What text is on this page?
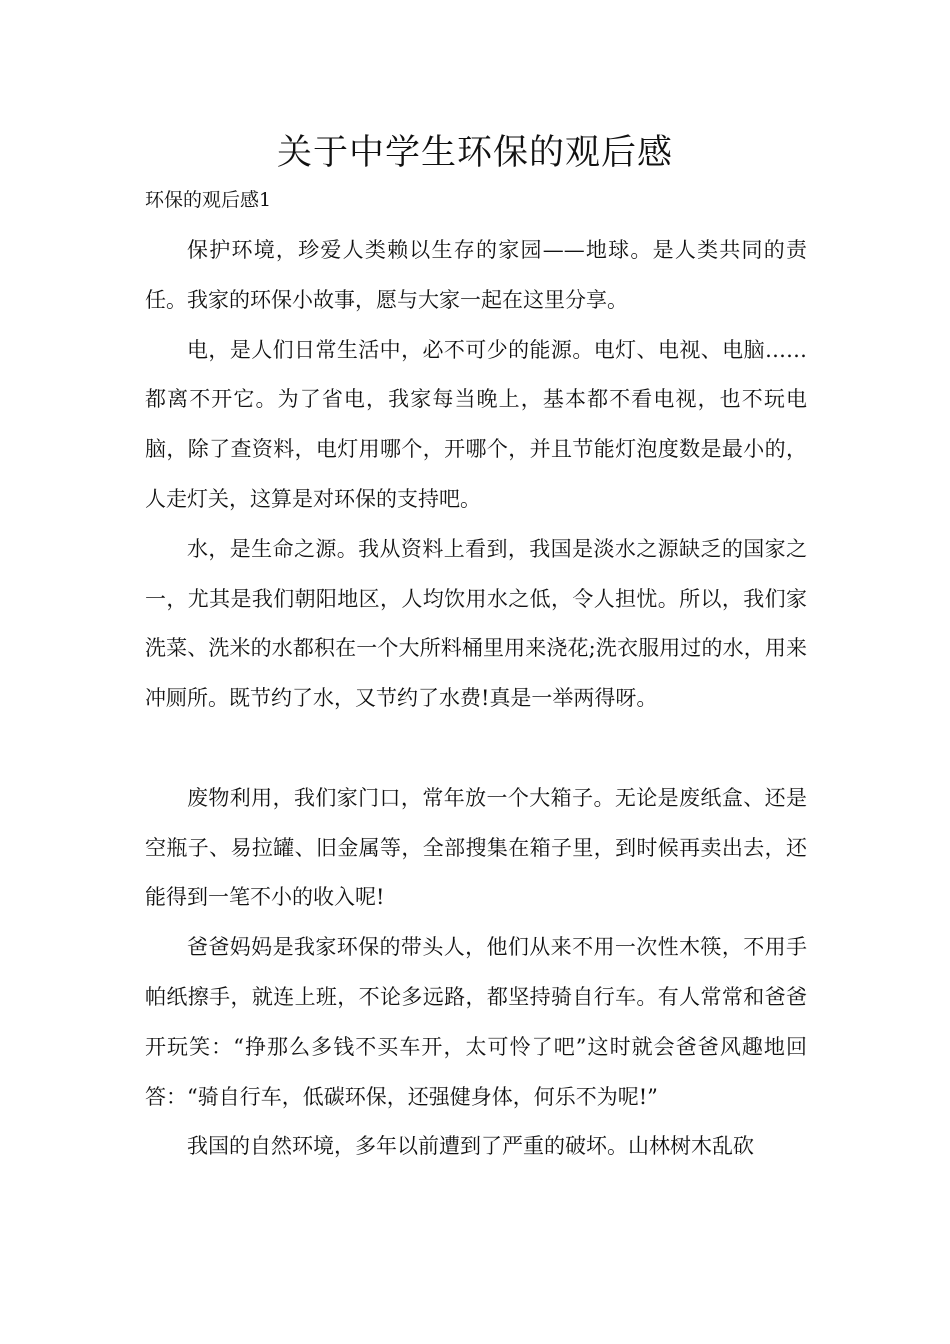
关于中学生环保的观后感
环保的观后感1

保护环境，珍爱人类赖以生存的家园——地球。是人类共同的责任。我家的环保小故事，愿与大家一起在这里分享。

电，是人们日常生活中，必不可少的能源。电灯、电视、电脑……都离不开它。为了省电，我家每当晚上，基本都不看电视，也不玩电脑，除了查资料，电灯用哪个，开哪个，并且节能灯泡度数是最小的，人走灯关，这算是对环保的支持吧。

水，是生命之源。我从资料上看到，我国是淡水之源缺乏的国家之一，尤其是我们朝阳地区，人均饮用水之低，令人担忧。所以，我们家洗菜、洗米的水都积在一个大所料桶里用来浇花;洗衣服用过的水，用来冲厕所。既节约了水，又节约了水费!真是一举两得呀。

废物利用，我们家门口，常年放一个大箱子。无论是废纸盒、还是空瓶子、易拉罐、旧金属等，全部搜集在箱子里，到时候再卖出去，还能得到一笔不小的收入呢!

爸爸妈妈是我家环保的带头人，他们从来不用一次性木筷，不用手帕纸擦手，就连上班，不论多远路，都坚持骑自行车。有人常常和爸爸开玩笑：“挣那么多钱不买车开，太可怜了吧”这时就会爸爸风趣地回答：“骑自行车，低碳环保，还强健身体，何乐不为呢!”

我国的自然环境，多年以前遭到了严重的破坏。山林树木乱砍
